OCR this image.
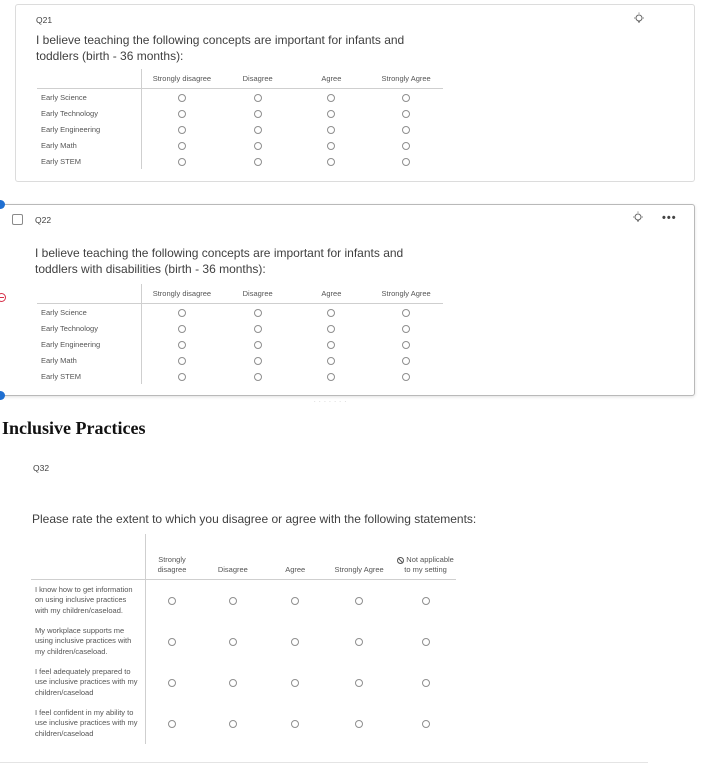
Q21
I believe teaching the following concepts are important for infants and toddlers (birth - 36 months):
	Strongly disagree	Disagree	Agree	Strongly Agree
Early Science				
Early Technology				
Early Engineering				
Early Math				
Early STEM				
Q22
I believe teaching the following concepts are important for infants and toddlers with disabilities (birth - 36 months):
•••
	Strongly disagree	Disagree	Agree	Strongly Agree
Early Science				
Early Technology				
Early Engineering				
Early Math				
Early STEM				
· · · · · · ·
Inclusive Practices
Q32
Please rate the extent to which you disagree or agree with the following statements:
	Strongly disagree	Disagree	Agree	Strongly Agree	Not applicable to my setting
I know how to get information on using inclusive practices with my children/caseload.					
My workplace supports me using inclusive practices with my children/caseload.					
I feel adequately prepared to use inclusive practices with my children/caseload					
I feel confident in my ability to use inclusive practices with my children/caseload					
